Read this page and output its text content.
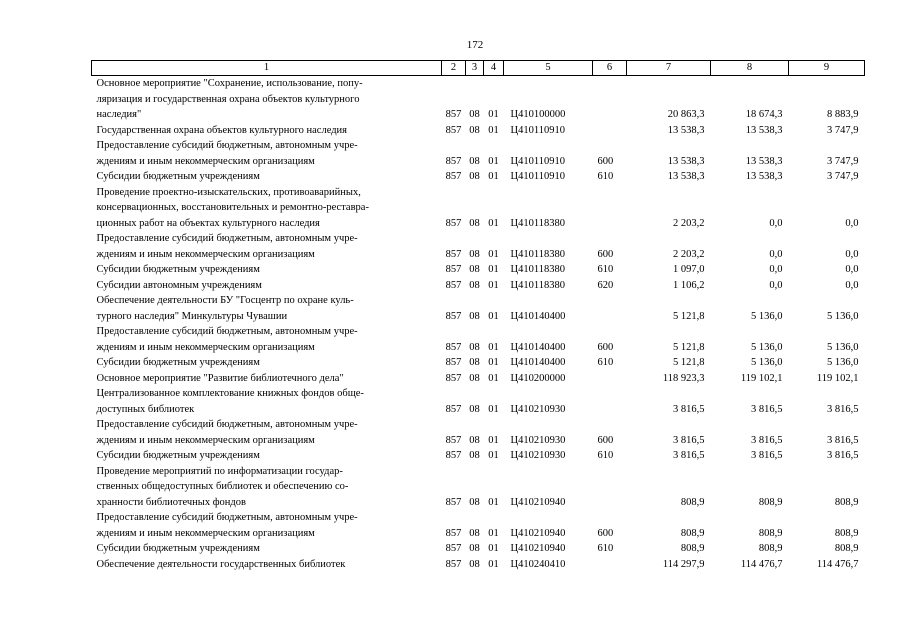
172
1	2	3	4	5	6	7	8	9

Основное мероприятие "Сохранение, использование, попу-
ляризация и государственная охрана объектов культурного
наследия"	857	08	01	Ц410100000		20 863,3	18 674,3	8 883,9

Государственная охрана объектов культурного наследия	857	08	01	Ц410110910		13 538,3	13 538,3	3 747,9

Предоставление субсидий бюджетным, автономным учре-
ждениям и иным некоммерческим организациям	857	08	01	Ц410110910	600	13 538,3	13 538,3	3 747,9

Субсидии бюджетным учреждениям	857	08	01	Ц410110910	610	13 538,3	13 538,3	3 747,9

Проведение проектно-изыскательских, противоаварийных,
консервационных, восстановительных и ремонтно-реставра-
ционных работ на объектах культурного наследия	857	08	01	Ц410118380		2 203,2	0,0	0,0

Предоставление субсидий бюджетным, автономным учре-
ждениям и иным некоммерческим организациям	857	08	01	Ц410118380	600	2 203,2	0,0	0,0

Субсидии бюджетным учреждениям	857	08	01	Ц410118380	610	1 097,0	0,0	0,0

Субсидии автономным учреждениям	857	08	01	Ц410118380	620	1 106,2	0,0	0,0

Обеспечение деятельности БУ "Госцентр по охране куль-
турного наследия" Минкультуры Чувашии	857	08	01	Ц410140400		5 121,8	5 136,0	5 136,0

Предоставление субсидий бюджетным, автономным учре-
ждениям и иным некоммерческим организациям	857	08	01	Ц410140400	600	5 121,8	5 136,0	5 136,0

Субсидии бюджетным учреждениям	857	08	01	Ц410140400	610	5 121,8	5 136,0	5 136,0

Основное мероприятие "Развитие библиотечного дела"	857	08	01	Ц410200000		118 923,3	119 102,1	119 102,1

Централизованное комплектование книжных фондов обще-
доступных библиотек	857	08	01	Ц410210930		3 816,5	3 816,5	3 816,5

Предоставление субсидий бюджетным, автономным учре-
ждениям и иным некоммерческим организациям	857	08	01	Ц410210930	600	3 816,5	3 816,5	3 816,5

Субсидии бюджетным учреждениям	857	08	01	Ц410210930	610	3 816,5	3 816,5	3 816,5

Проведение мероприятий по информатизации государ-
ственных общедоступных библиотек и обеспечению со-
хранности библиотечных фондов	857	08	01	Ц410210940		808,9	808,9	808,9

Предоставление субсидий бюджетным, автономным учре-
ждениям и иным некоммерческим организациям	857	08	01	Ц410210940	600	808,9	808,9	808,9

Субсидии бюджетным учреждениям	857	08	01	Ц410210940	610	808,9	808,9	808,9

Обеспечение деятельности государственных библиотек	857	08	01	Ц410240410		114 297,9	114 476,7	114 476,7
